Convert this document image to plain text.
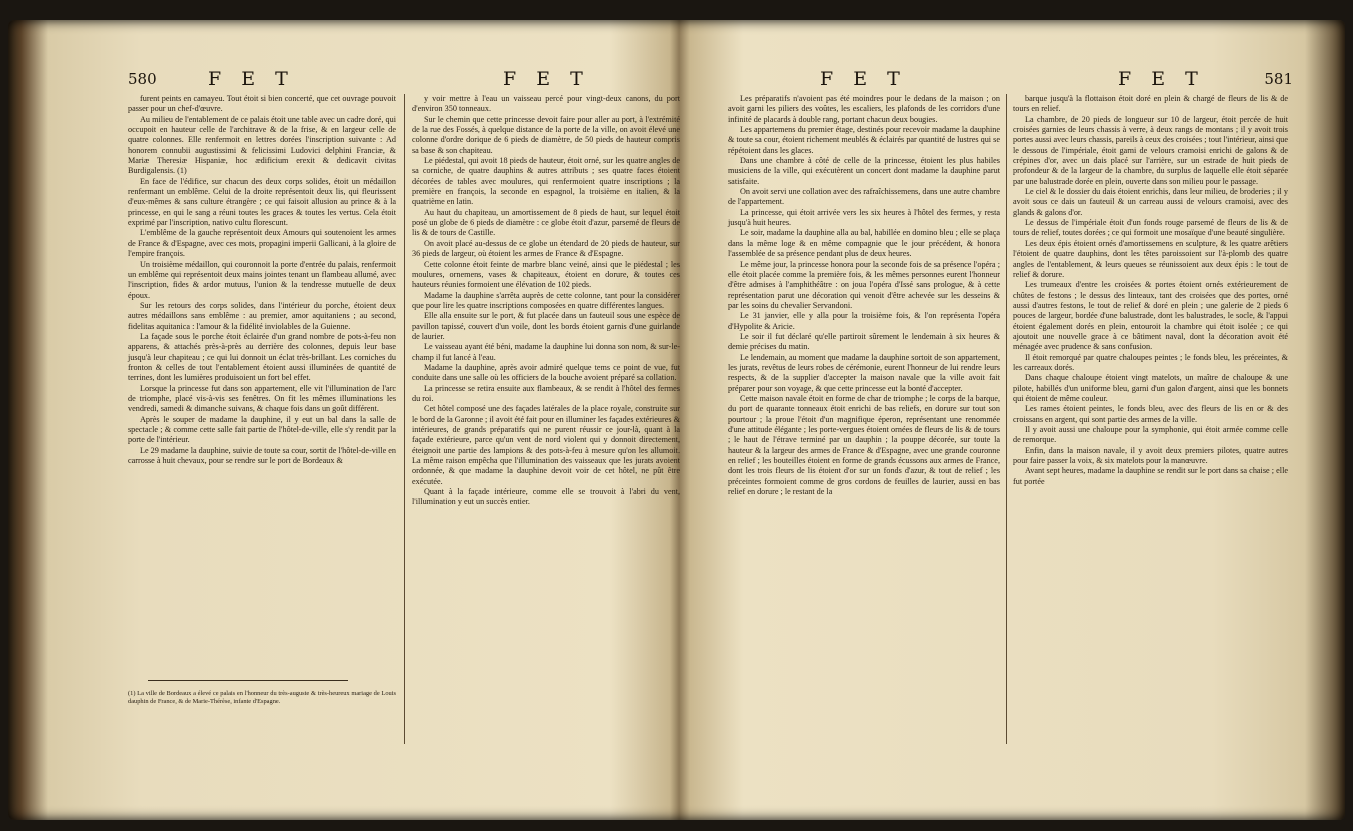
580	F E T	F E T

furent peints en camayeu. Tout étoit si bien concerté, que cet ouvrage pouvoit passer pour un chef-d'œuvre.

Au milieu de l'entablement de ce palais étoit une table avec un cadre doré, qui occupoit en hauteur celle de l'architrave & de la frise, & en largeur celle de quatre colonnes. Elle renfermoit en lettres dorées l'inscription suivante : Ad honorem connubii augustissimi & felicissimi Ludovici delphini Franciæ, & Mariæ Theresiæ Hispaniæ, hoc ædificium erexit & dedicavit civitas Burdigalensis. (1)

En face de l'édifice, sur chacun des deux corps solides, étoit un médaillon renfermant un emblême. Celui de la droite représentoit deux lis, qui fleurissent d'eux-mêmes & sans culture étrangère ; ce qui faisoit allusion au prince & à la princesse, en qui le sang a réuni toutes les graces & toutes les vertus. Cela étoit exprimé par l'inscription, nativo cultu florescunt.

L'emblême de la gauche représentoit deux Amours qui soutenoient les armes de France & d'Espagne, avec ces mots, propagini imperii Gallicani, à la gloire de l'empire françois.

Un troisième médaillon, qui couronnoit la porte d'entrée du palais, renfermoit un emblême qui représentoit deux mains jointes tenant un flambeau allumé, avec l'inscription, fides & ardor mutuus, l'union & la tendresse mutuelle de deux époux.

Sur les retours des corps solides, dans l'intérieur du porche, étoient deux autres médaillons sans emblême : au premier, amor aquitaniens ; au second, fidelitas aquitanica : l'amour & la fidélité inviolables de la Guienne.

La façade sous le porche étoit éclairée d'un grand nombre de pots-à-feu non apparens, & attachés près-à-près au derrière des colonnes, depuis leur base jusqu'à leur chapiteau ; ce qui lui donnoit un éclat très-brillant. Les corniches du fronton & celles de tout l'entablement étoient aussi illuminées de quantité de terrines, dont les lumières produisoient un fort bel effet.

Lorsque la princesse fut dans son appartement, elle vit l'illumination de l'arc de triomphe, placé vis-à-vis ses fenêtres. On fit les mêmes illuminations les vendredi, samedi & dimanche suivans, & chaque fois dans un goût différent.

Après le souper de madame la dauphine, il y eut un bal dans la salle de spectacle ; & comme cette salle fait partie de l'hôtel-de-ville, elle s'y rendit par la porte de l'intérieur.

Le 29 madame la dauphine, suivie de toute sa cour, sortit de l'hôtel-de-ville en carrosse à huit chevaux, pour se rendre sur le port de Bordeaux &

(1) La ville de Bordeaux a élevé ce palais en l'honneur du très-auguste & très-heureux mariage de Louis dauphin de France, & de Marie-Thérèse, infante d'Espagne.

y voir mettre à l'eau un vaisseau percé pour vingt-deux canons, du port d'environ 350 tonneaux.

Sur le chemin que cette princesse devoit faire pour aller au port, à l'extrémité de la rue des Fossés, à quelque distance de la porte de la ville, on avoit élevé une colonne d'ordre dorique de 6 pieds de diamètre, de 50 pieds de hauteur compris sa base & son chapiteau.

Le piédestal, qui avoit 18 pieds de hauteur, étoit orné, sur les quatre angles de sa corniche, de quatre dauphins & autres attributs ; ses quatre faces étoient décorées de tables avec moulures, qui renfermoient quatre inscriptions ; la première en françois, la seconde en espagnol, la troisième en italien, & la quatrième en latin.

Au haut du chapiteau, un amortissement de 8 pieds de haut, sur lequel étoit posé un globe de 6 pieds de diamètre : ce globe étoit d'azur, parsemé de fleurs de lis & de tours de Castille.

On avoit placé au-dessus de ce globe un étendard de 20 pieds de hauteur, sur 36 pieds de largeur, où étoient les armes de France & d'Espagne.

Cette colonne étoit feinte de marbre blanc veiné, ainsi que le piédestal ; les moulures, ornemens, vases & chapiteaux, étoient en dorure, & toutes ces hauteurs réunies formoient une élévation de 102 pieds.

Madame la dauphine s'arrêta auprès de cette colonne, tant pour la considérer que pour lire les quatre inscriptions composées en quatre différentes langues.

Elle alla ensuite sur le port, & fut placée dans un fauteuil sous une espèce de pavillon tapissé, couvert d'un voile, dont les bords étoient garnis d'une guirlande de laurier.

Le vaisseau ayant été béni, madame la dauphine lui donna son nom, & sur-le-champ il fut lancé à l'eau.

Madame la dauphine, après avoir admiré quelque tems ce point de vue, fut conduite dans une salle où les officiers de la bouche avoient préparé sa collation.

La princesse se retira ensuite aux flambeaux, & se rendit à l'hôtel des fermes du roi.

Cet hôtel composé une des façades latérales de la place royale, construite sur le bord de la Garonne ; il avoit été fait pour en illuminer les façades extérieures & intérieures, de grands préparatifs qui ne purent réussir ce jour-là, quant à la façade extérieure, parce qu'un vent de nord violent qui y donnoit directement, éteignoit une partie des lampions & des pots-à-feu à mesure qu'on les allumoit. La même raison empêcha que l'illumination des vaisseaux que les jurats avoient ordonnée, & que madame la dauphine devoit voir de cet hôtel, ne pût être exécutée.

Quant à la façade intérieure, comme elle se trouvoit à l'abri du vent, l'illumination y eut un succès entier.

F E T	F E T	581

Les préparatifs n'avoient pas été moindres pour le dedans de la maison ; on avoit garni les piliers des voûtes, les escaliers, les plafonds de les corridors d'une infinité de placards à double rang, portant chacun deux bougies.

Les appartemens du premier étage, destinés pour recevoir madame la dauphine & toute sa cour, étoient richement meublés & éclairés par quantité de lustres qui se répétoient dans les glaces.

Dans une chambre à côté de celle de la princesse, étoient les plus habiles musiciens de la ville, qui exécutèrent un concert dont madame la dauphine parut satisfaite.

On avoit servi une collation avec des rafraîchissemens, dans une autre chambre de l'appartement.

La princesse, qui étoit arrivée vers les six heures à l'hôtel des fermes, y resta jusqu'à huit heures.

Le soir, madame la dauphine alla au bal, habillée en domino bleu ; elle se plaça dans la même loge & en même compagnie que le jour précédent, & honora l'assemblée de sa présence pendant plus de deux heures.

Le même jour, la princesse honora pour la seconde fois de sa présence l'opéra ; elle étoit placée comme la première fois, & les mêmes personnes eurent l'honneur d'être admises à l'amphithéâtre : on joua l'opéra d'Issé sans prologue, & à cette représentation parut une décoration qui venoit d'être achevée sur les desseins & par les soins du chevalier Servandoni.

Le 31 janvier, elle y alla pour la troisième fois, & l'on représenta l'opéra d'Hypolite & Aricie.

Le soir il fut déclaré qu'elle partiroit sûrement le lendemain à six heures & demie précises du matin.

Le lendemain, au moment que madame la dauphine sortoit de son appartement, les jurats, revêtus de leurs robes de cérémonie, eurent l'honneur de lui rendre leurs respects, & de la supplier d'accepter la maison navale que la ville avoit fait préparer pour son voyage, & que cette princesse eut la bonté d'accepter.

Cette maison navale étoit en forme de char de triomphe ; le corps de la barque, du port de quarante tonneaux étoit enrichi de bas reliefs, en dorure sur tout son pourtour ; la proue l'étoit d'un magnifique éperon, représentant une renommée d'une attitude élégante ; les porte-vergues étoient ornées de fleurs de lis & de tours ; le haut de l'étrave terminé par un dauphin ; la pouppe décorée, sur toute la hauteur & la largeur des armes de France & d'Espagne, avec une grande couronne en relief ; les bouteilles étoient en forme de grands écussons aux armes de France, dont les trois fleurs de lis étoient d'or sur un fonds d'azur, & tout de relief ; les préceintes formoient comme de gros cordons de feuilles de laurier, aussi en bas relief en dorure ; le restant de la

barque jusqu'à la flottaison étoit doré en plein & chargé de fleurs de lis & de tours en relief.

La chambre, de 20 pieds de longueur sur 10 de largeur, étoit percée de huit croisées garnies de leurs chassis à verre, à deux rangs de montans ; il y avoit trois portes aussi avec leurs chassis, pareils à ceux des croisées ; tout l'intérieur, ainsi que le dessous de l'impériale, étoit garni de velours cramoisi enrichi de galons & de crépines d'or, avec un dais placé sur l'arrière, sur un estrade de huit pieds de profondeur & de la largeur de la chambre, du surplus de laquelle elle étoit séparée par une balustrade dorée en plein, ouverte dans son milieu pour le passage.

Le ciel & le dossier du dais étoient enrichis, dans leur milieu, de broderies ; il y avoit sous ce dais un fauteuil & un carreau aussi de velours cramoisi, avec des glands & galons d'or.

Le dessus de l'impériale étoit d'un fonds rouge parsemé de fleurs de lis & de tours de relief, toutes dorées ; ce qui formoit une mosaïque d'une beauté singulière.

Les deux épis étoient ornés d'amortissemens en sculpture, & les quatre arêtiers l'étoient de quatre dauphins, dont les têtes paroissoient sur l'à-plomb des quatre angles de l'entablement, & leurs queues se réunissoient aux deux épis : le tout de relief & dorure.

Les trumeaux d'entre les croisées & portes étoient ornés extérieurement de chûtes de festons ; le dessus des linteaux, tant des croisées que des portes, orné aussi d'autres festons, le tout de relief & doré en plein ; une galerie de 2 pieds 6 pouces de largeur, bordée d'une balustrade, dont les balustrades, le socle, & l'appui étoient également dorés en plein, entouroit la chambre qui étoit isolée ; ce qui ajoutoit une nouvelle grace à ce bâtiment naval, dont la décoration avoit été ménagée avec prudence & sans confusion.

Il étoit remorqué par quatre chaloupes peintes ; le fonds bleu, les préceintes, & les carreaux dorés.

Dans chaque chaloupe étoient vingt matelots, un maître de chaloupe & une pilote, habillés d'un uniforme bleu, garni d'un galon d'argent, ainsi que les bonnets qui étoient de même couleur.

Les rames étoient peintes, le fonds bleu, avec des fleurs de lis en or & des croissans en argent, qui sont partie des armes de la ville.

Il y avoit aussi une chaloupe pour la symphonie, qui étoit armée comme celle de remorque.

Enfin, dans la maison navale, il y avoit deux premiers pilotes, quatre autres pour faire passer la voix, & six matelots pour la manœuvre.

Avant sept heures, madame la dauphine se rendit sur le port dans sa chaise ; elle fut portée
